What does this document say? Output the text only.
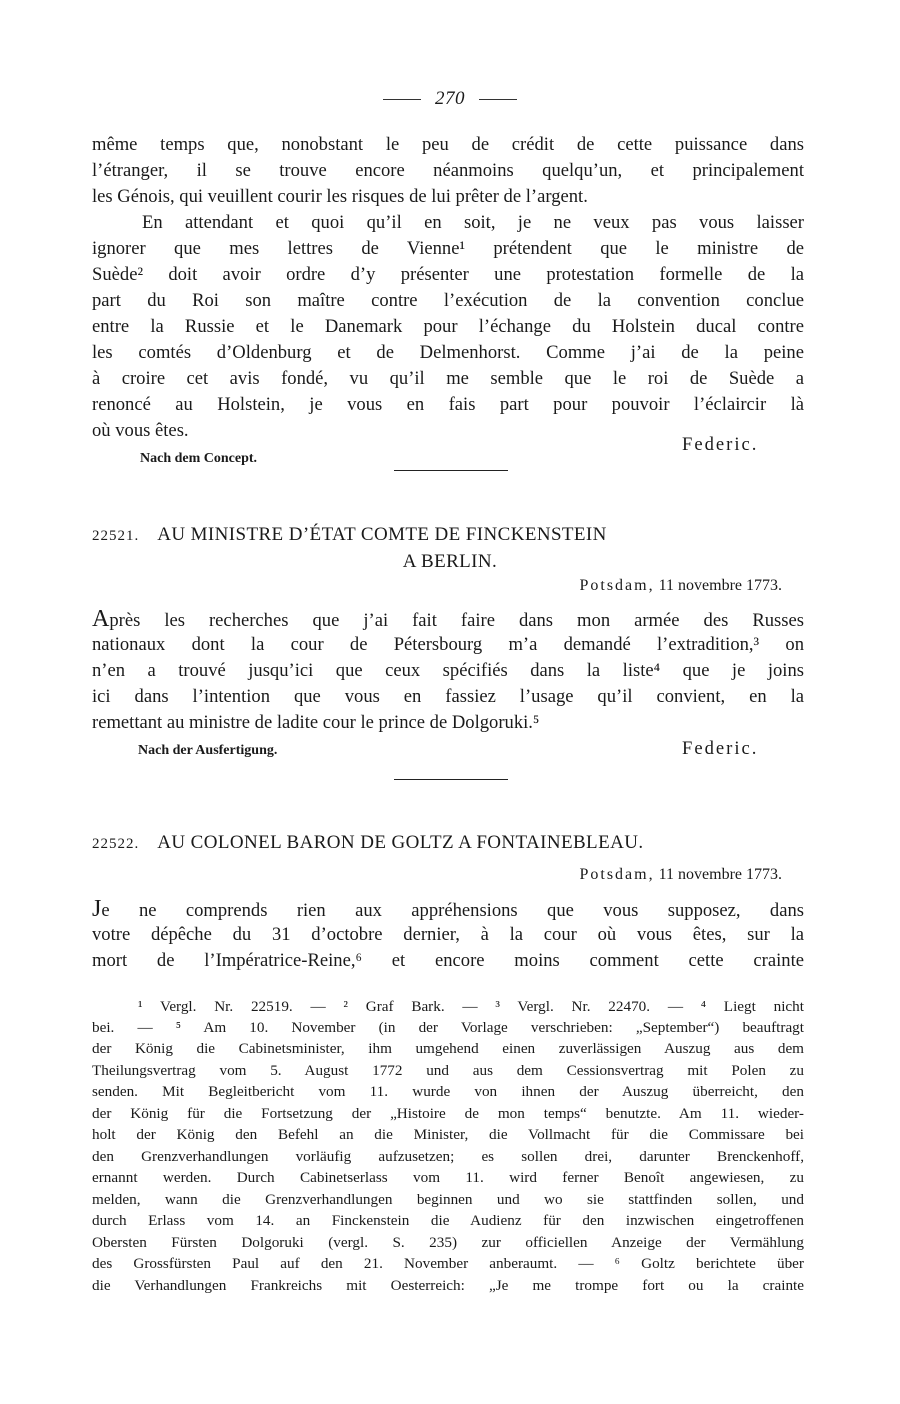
270
même temps que, nonobstant le peu de crédit de cette puissance dans
l’étranger, il se trouve encore néanmoins quelqu’un, et principalement
les Génois, qui veuillent courir les risques de lui prêter de l’argent.
En attendant et quoi qu’il en soit, je ne veux pas vous laisser
ignorer que mes lettres de Vienne¹ prétendent que le ministre de
Suède² doit avoir ordre d’y présenter une protestation formelle de la
part du Roi son maître contre l’exécution de la convention conclue
entre la Russie et le Danemark pour l’échange du Holstein ducal contre
les comtés d’Oldenburg et de Delmenhorst. Comme j’ai de la peine
à croire cet avis fondé, vu qu’il me semble que le roi de Suède a
renoncé au Holstein, je vous en fais part pour pouvoir l’éclaircir là
où vous êtes.
Federic.
Nach dem Concept.
22521. AU MINISTRE D’ÉTAT COMTE DE FINCKENSTEIN
A BERLIN.
Potsdam, 11 novembre 1773.
Après les recherches que j’ai fait faire dans mon armée des Russes
nationaux dont la cour de Pétersbourg m’a demandé l’extradition,³ on
n’en a trouvé jusqu’ici que ceux spécifiés dans la liste⁴ que je joins
ici dans l’intention que vous en fassiez l’usage qu’il convient, en la
remettant au ministre de ladite cour le prince de Dolgoruki.⁵
Nach der Ausfertigung.	Federic.
22522. AU COLONEL BARON DE GOLTZ A FONTAINEBLEAU.
Potsdam, 11 novembre 1773.
Je ne comprends rien aux appréhensions que vous supposez, dans
votre dépêche du 31 d’octobre dernier, à la cour où vous êtes, sur la
mort de l’Impératrice-Reine,⁶ et encore moins comment cette crainte
¹ Vergl. Nr. 22519. — ² Graf Bark. — ³ Vergl. Nr. 22470. — ⁴ Liegt nicht
bei. — ⁵ Am 10. November (in der Vorlage verschrieben: „September“) beauftragt
der König die Cabinetsminister, ihm umgehend einen zuverlässigen Auszug aus dem
Theilungsvertrag vom 5. August 1772 und aus dem Cessionsvertrag mit Polen zu
senden. Mit Begleitbericht vom 11. wurde von ihnen der Auszug überreicht, den
der König für die Fortsetzung der „Histoire de mon temps“ benutzte. Am 11. wieder-
holt der König den Befehl an die Minister, die Vollmacht für die Commissare bei
den Grenzverhandlungen vorläufig aufzusetzen; es sollen drei, darunter Brenckenhoff,
ernannt werden. Durch Cabinetserlass vom 11. wird ferner Benoît angewiesen, zu
melden, wann die Grenzverhandlungen beginnen und wo sie stattfinden sollen, und
durch Erlass vom 14. an Finckenstein die Audienz für den inzwischen eingetroffenen
Obersten Fürsten Dolgoruki (vergl. S. 235) zur officiellen Anzeige der Vermählung
des Grossfürsten Paul auf den 21. November anberaumt. — ⁶ Goltz berichtete über
die Verhandlungen Frankreichs mit Oesterreich: „Je me trompe fort ou la crainte
